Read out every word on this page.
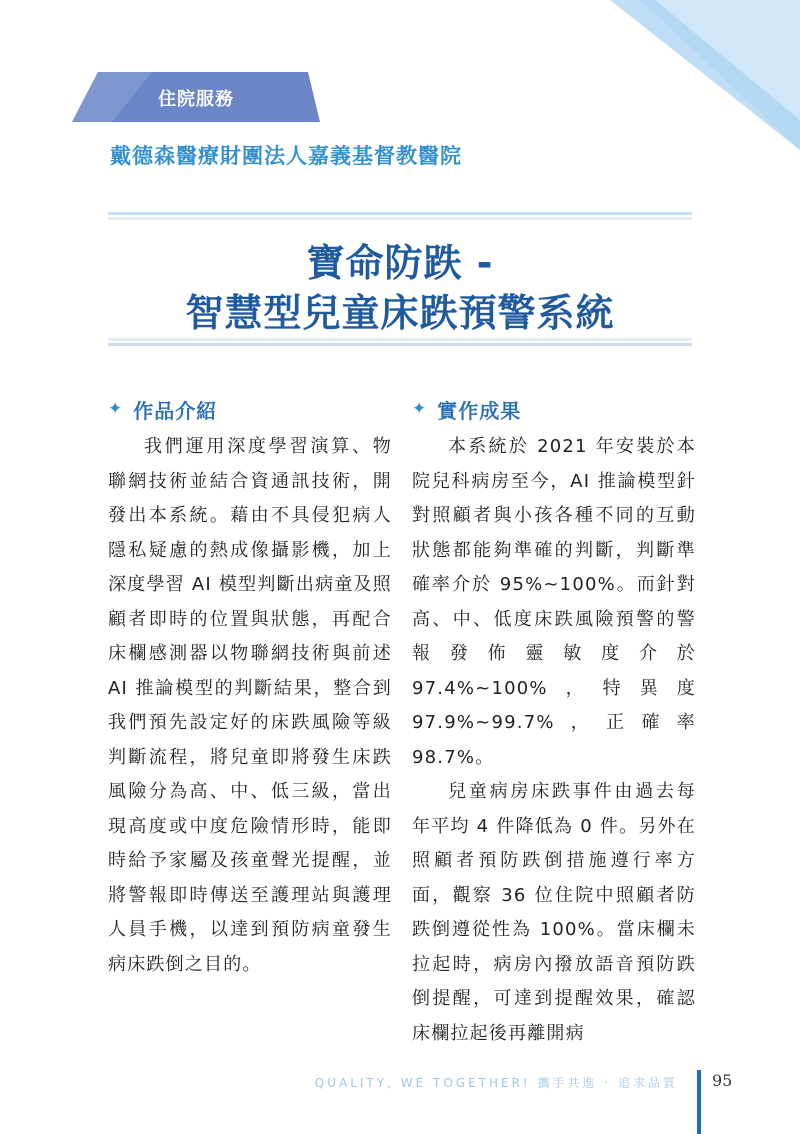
住院服務
戴德森醫療財團法人嘉義基督教醫院
寶命防跌 -
智慧型兒童床跌預警系統
✦ 作品介紹

我們運用深度學習演算、物聯網技術並結合資通訊技術，開發出本系統。藉由不具侵犯病人隱私疑慮的熱成像攝影機，加上深度學習 AI 模型判斷出病童及照顧者即時的位置與狀態，再配合床欄感測器以物聯網技術與前述 AI 推論模型的判斷結果，整合到我們預先設定好的床跌風險等級判斷流程，將兒童即將發生床跌風險分為高、中、低三級，當出現高度或中度危險情形時，能即時給予家屬及孩童聲光提醒，並將警報即時傳送至護理站與護理人員手機，以達到預防病童發生病床跌倒之目的。

✦ 實作成果

本系統於 2021 年安裝於本院兒科病房至今，AI 推論模型針對照顧者與小孩各種不同的互動狀態都能夠準確的判斷，判斷準確率介於 95%~100%。而針對高、中、低度床跌風險預警的警報發佈靈敏度介於 97.4%~100%，特異度 97.9%~99.7%，正確率 98.7%。

兒童病房床跌事件由過去每年平均 4 件降低為 0 件。另外在照顧者預防跌倒措施遵行率方面，觀察 36 位住院中照顧者防跌倒遵從性為 100%。當床欄未拉起時，病房內撥放語音預防跌倒提醒，可達到提醒效果，確認床欄拉起後再離開病

QUALITY, WE TOGETHER! 攜手共進 ‧ 追求品質 95
